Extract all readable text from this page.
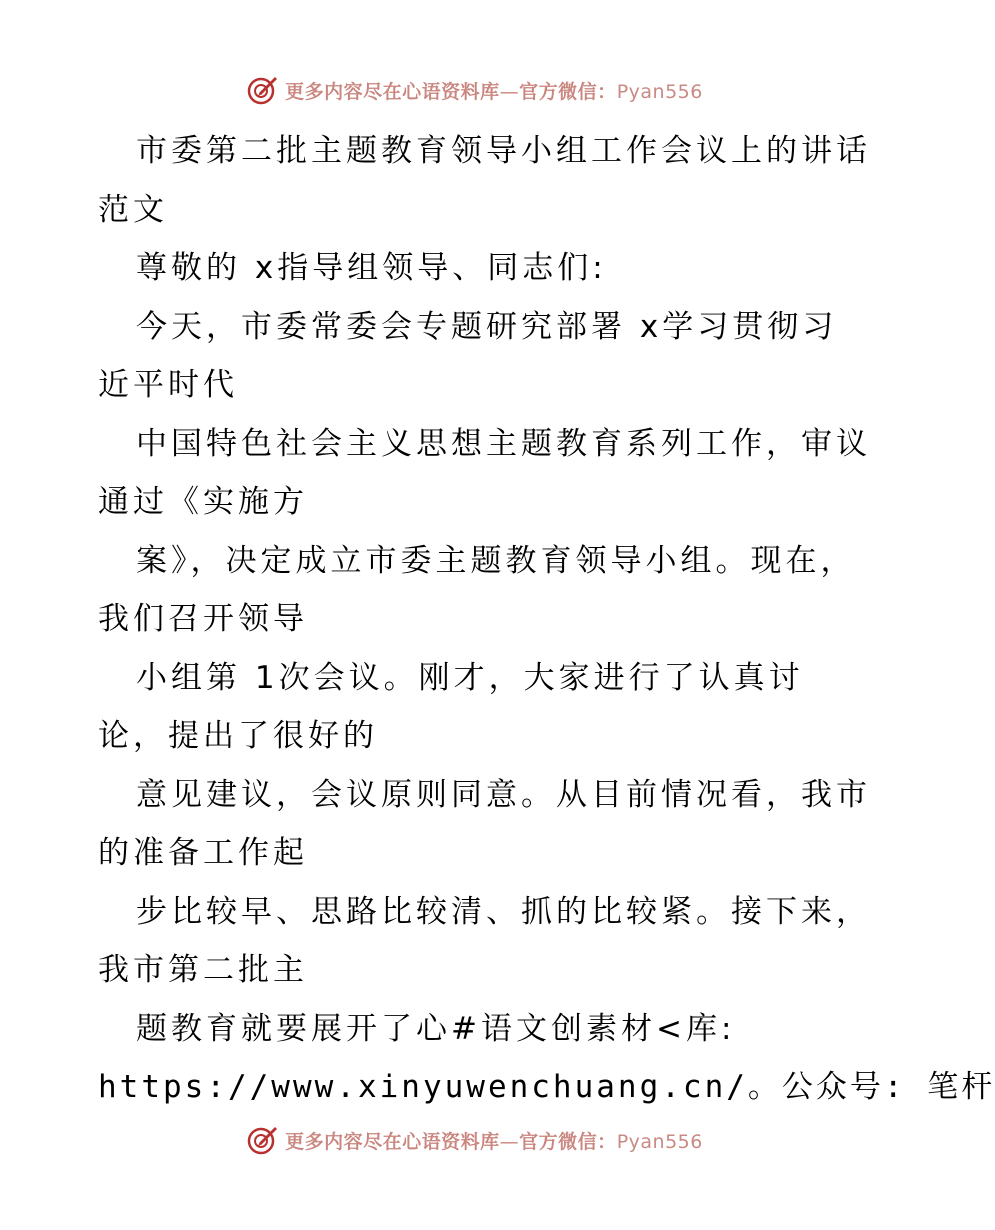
更多内容尽在心语资料库—官方微信：Pyan556
市委第二批主题教育领导小组工作会议上的讲话
范文
尊敬的 x指导组领导、同志们:
今天，市委常委会专题研究部署 x学习贯彻习
近平时代
中国特色社会主义思想主题教育系列工作，审议
通过《实施方
案》，决定成立市委主题教育领导小组。现在，
我们召开领导
小组第 1次会议。刚才，大家进行了认真讨
论，提出了很好的
意见建议，会议原则同意。从目前情况看，我市
的准备工作起
步比较早、思路比较清、抓的比较紧。接下来，
我市第二批主
题教育就要展开了心#语文创素材<库:
https://www.xinyuwenchuang.cn/。公众号: 笔杆
更多内容尽在心语资料库—官方微信：Pyan556
